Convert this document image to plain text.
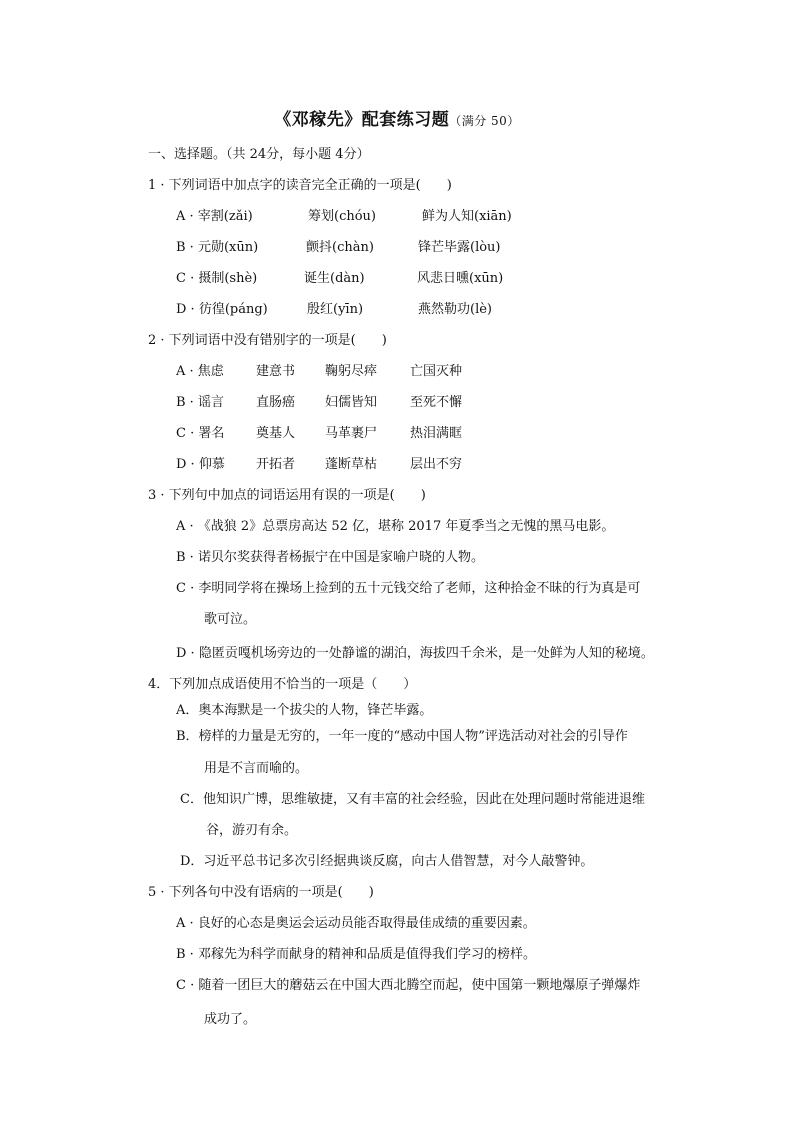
《邓稼先》配套练习题（满分 50）
一、选择题。（共 24分，每小题 4分）
1 · 下列词语中加点字的读音完全正确的一项是(　　)
A · 宰割(zǎi)	筹划(chóu)	鲜为人知(xiān)
B · 元勋(xūn)	颤抖(chàn)	锋芒毕露(lòu)
C · 摄制(shè)	诞生(dàn)	风悲日曛(xūn)
D · 彷徨(páng)	殷红(yīn)	燕然勒功(lè)
2 · 下列词语中没有错别字的一项是(　　)
A · 焦虑 建意书 鞠躬尽瘁	亡国灭种
B · 谣言 直肠癌 妇儒皆知	至死不懈
C · 署名 奠基人 马革裹尸	热泪满眶
D · 仰慕 开拓者 蓬断草枯	层出不穷
3 · 下列句中加点的词语运用有误的一项是(　　)
A · 《战狼 2》总票房高达 52 亿，堪称 2017 年夏季当之无愧的黑马电影。
B · 诺贝尔奖获得者杨振宁在中国是家喻户晓的人物。
C · 李明同学将在操场上捡到的五十元钱交给了老师，这种拾金不昧的行为真是可
歌可泣。
D · 隐匿贡嘎机场旁边的一处静谧的湖泊，海拔四千余米，是一处鲜为人知的秘境。
4．下列加点成语使用不恰当的一项是（　　）
A．奥本海默是一个拔尖的人物，锋芒毕露。
B．榜样的力量是无穷的，一年一度的“感动中国人物”评选活动对社会的引导作
用是不言而喻的。
C．他知识广博，思维敏捷，又有丰富的社会经验，因此在处理问题时常能进退维
谷，游刃有余。
D．习近平总书记多次引经据典谈反腐，向古人借智慧，对今人敲警钟。
5 · 下列各句中没有语病的一项是(　　)
A · 良好的心态是奥运会运动员能否取得最佳成绩的重要因素。
B · 邓稼先为科学而献身的精神和品质是值得我们学习的榜样。
C · 随着一团巨大的蘑菇云在中国大西北腾空而起，使中国第一颗地爆原子弹爆炸
成功了。
